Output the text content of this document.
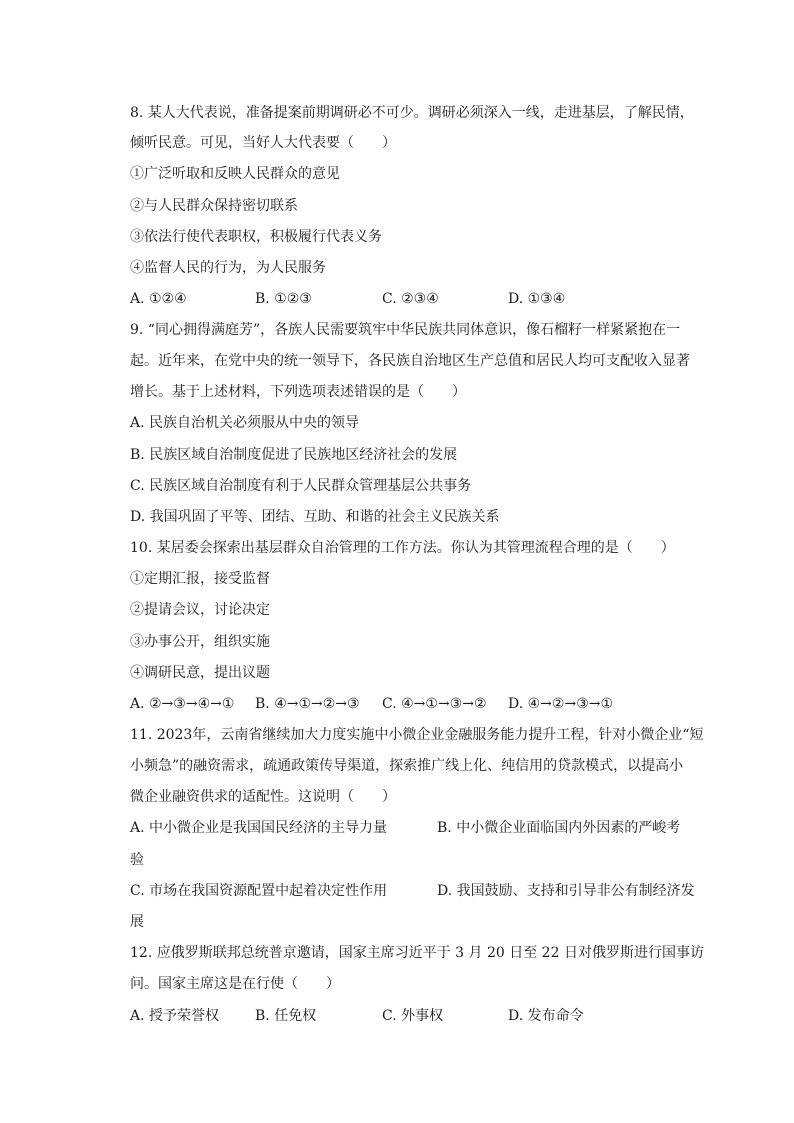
8. 某人大代表说，准备提案前期调研必不可少。调研必须深入一线，走进基层，了解民情，
倾听民意。可见，当好人大代表要（　　）
①广泛听取和反映人民群众的意见
②与人民群众保持密切联系
③依法行使代表职权，积极履行代表义务
④监督人民的行为，为人民服务
A. ①②④	B. ①②③	C. ②③④	D. ①③④
9. “同心拥得满庭芳”，各族人民需要筑牢中华民族共同体意识，像石榴籽一样紧紧抱在一
起。近年来，在党中央的统一领导下，各民族自治地区生产总值和居民人均可支配收入显著
增长。基于上述材料，下列选项表述错误的是（　　）
A. 民族自治机关必须服从中央的领导
B. 民族区域自治制度促进了民族地区经济社会的发展
C. 民族区域自治制度有利于人民群众管理基层公共事务
D. 我国巩固了平等、团结、互助、和谐的社会主义民族关系
10. 某居委会探索出基层群众自治管理的工作方法。你认为其管理流程合理的是（　　）
①定期汇报，接受监督
②提请会议，讨论决定
③办事公开，组织实施
④调研民意，提出议题
A. ②→③→④→① B. ④→①→②→③ C. ④→①→③→② D. ④→②→③→①
11. 2023年，云南省继续加大力度实施中小微企业金融服务能力提升工程，针对小微企业“短
小频急”的融资需求，疏通政策传导渠道，探索推广线上化、纯信用的贷款模式，以提高小
微企业融资供求的适配性。这说明（　　）
A. 中小微企业是我国国民经济的主导力量	B. 中小微企业面临国内外因素的严峻考
验
C. 市场在我国资源配置中起着决定性作用	D. 我国鼓励、支持和引导非公有制经济发
展
12. 应俄罗斯联邦总统普京邀请，国家主席习近平于 3 月 20 日至 22 日对俄罗斯进行国事访
问。国家主席这是在行使（　　）
A. 授予荣誉权	B. 任免权	C. 外事权	D. 发布命令
